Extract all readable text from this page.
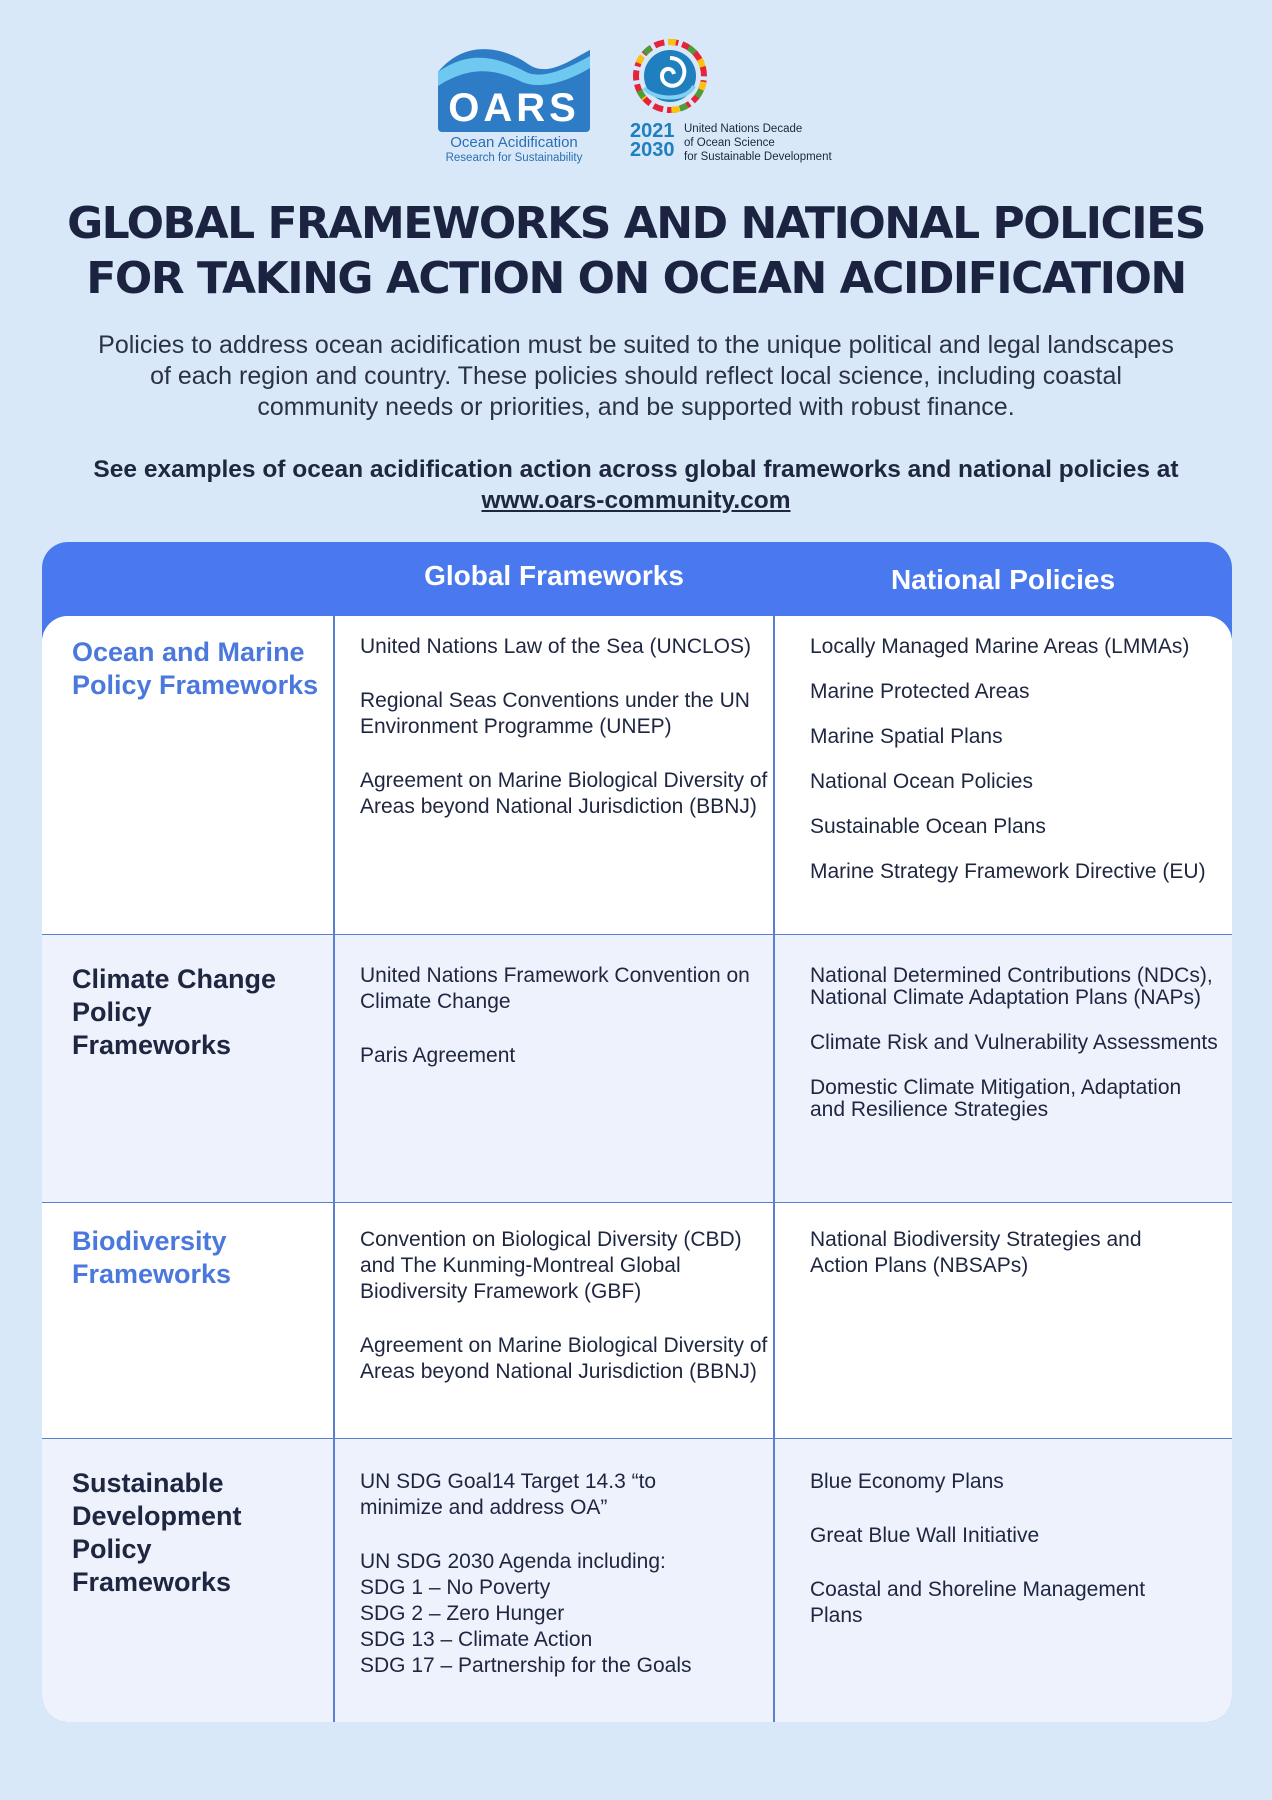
OARS
Ocean Acidification
Research for Sustainability
2021
2030
United Nations Decade
of Ocean Science
for Sustainable Development
GLOBAL FRAMEWORKS AND NATIONAL POLICIES
FOR TAKING ACTION ON OCEAN ACIDIFICATION
Policies to address ocean acidification must be suited to the unique political and legal landscapes
of each region and country. These policies should reflect local science, including coastal
community needs or priorities, and be supported with robust finance.
See examples of ocean acidification action across global frameworks and national policies at
www.oars-community.com
Global Frameworks	National Policies
Ocean and Marine Policy Frameworks

United Nations Law of the Sea (UNCLOS)

Regional Seas Conventions under the UN Environment Programme (UNEP)

Agreement on Marine Biological Diversity of Areas beyond National Jurisdiction (BBNJ)

Locally Managed Marine Areas (LMMAs)

Marine Protected Areas

Marine Spatial Plans

National Ocean Policies

Sustainable Ocean Plans

Marine Strategy Framework Directive (EU)

Climate Change Policy Frameworks

United Nations Framework Convention on Climate Change

Paris Agreement

National Determined Contributions (NDCs), National Climate Adaptation Plans (NAPs)

Climate Risk and Vulnerability Assessments

Domestic Climate Mitigation, Adaptation and Resilience Strategies

Biodiversity Frameworks

Convention on Biological Diversity (CBD) and The Kunming-Montreal Global Biodiversity Framework (GBF)

Agreement on Marine Biological Diversity of Areas beyond National Jurisdiction (BBNJ)

National Biodiversity Strategies and Action Plans (NBSAPs)

Sustainable Development Policy Frameworks

UN SDG Goal14 Target 14.3 “to minimize and address OA”

UN SDG 2030 Agenda including:

SDG 1 – No Poverty

SDG 2 – Zero Hunger

SDG 13 – Climate Action

SDG 17 – Partnership for the Goals

Blue Economy Plans

Great Blue Wall Initiative

Coastal and Shoreline Management Plans
